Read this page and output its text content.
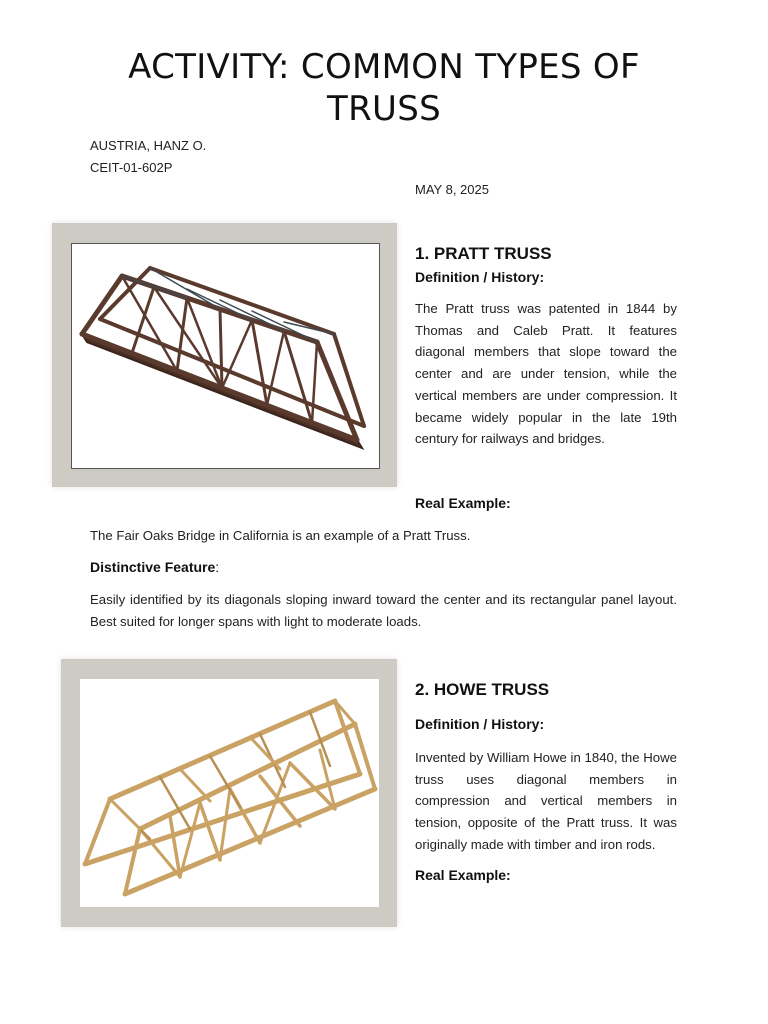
ACTIVITY: COMMON TYPES OF
TRUSS
AUSTRIA, HANZ O.
CEIT-01-602P
MAY 8, 2025
1. PRATT TRUSS
Definition / History:
The Pratt truss was patented in 1844 by Thomas and Caleb Pratt. It features diagonal members that slope toward the center and are under tension, while the vertical members are under compression. It became widely popular in the late 19th century for railways and bridges.
Real Example:
The Fair Oaks Bridge in California is an example of a Pratt Truss.
Distinctive Feature:
Easily identified by its diagonals sloping inward toward the center and its rectangular panel layout. Best suited for longer spans with light to moderate loads.
2. HOWE TRUSS
Definition / History:
Invented by William Howe in 1840, the Howe truss uses diagonal members in compression and vertical members in tension, opposite of the Pratt truss. It was originally made with timber and iron rods.
Real Example:
